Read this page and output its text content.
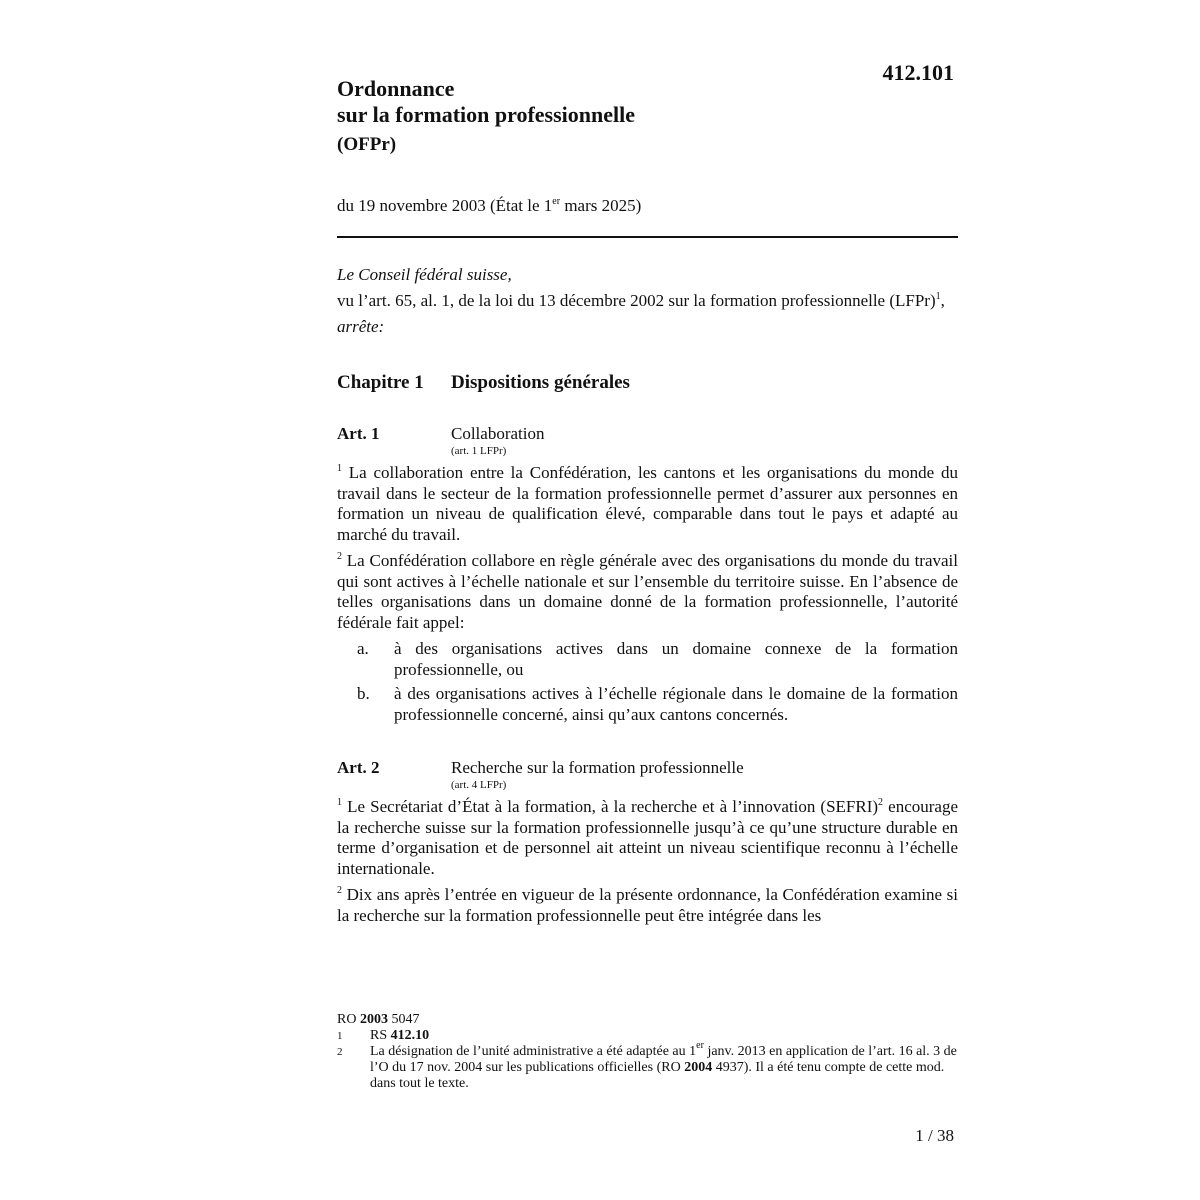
412.101
Ordonnance
sur la formation professionnelle
(OFPr)
du 19 novembre 2003 (État le 1er mars 2025)

Le Conseil fédéral suisse,

vu l’art. 65, al. 1, de la loi du 13 décembre 2002 sur la formation professionnelle (LFPr)$^1$,

arrête:

Chapitre 1	Dispositions générales
Art. 1	Collaboration
(art. 1 LFPr)
$^1$ La collaboration entre la Confédération, les cantons et les organisations du monde du travail dans le secteur de la formation professionnelle permet d’assurer aux personnes en formation un niveau de qualification élevé, comparable dans tout le pays et adapté au marché du travail.
$^2$ La Confédération collabore en règle générale avec des organisations du monde du travail qui sont actives à l’échelle nationale et sur l’ensemble du territoire suisse. En l’absence de telles organisations dans un domaine donné de la formation professionnelle, l’autorité fédérale fait appel:
a.	à des organisations actives dans un domaine connexe de la formation professionnelle, ou
b.	à des organisations actives à l’échelle régionale dans le domaine de la formation professionnelle concerné, ainsi qu’aux cantons concernés.
Art. 2	Recherche sur la formation professionnelle
(art. 4 LFPr)
$^1$ Le Secrétariat d’État à la formation, à la recherche et à l’innovation (SEFRI)$^2$ encourage la recherche suisse sur la formation professionnelle jusqu’à ce qu’une structure durable en terme d’organisation et de personnel ait atteint un niveau scientifique reconnu à l’échelle internationale.
$^2$ Dix ans après l’entrée en vigueur de la présente ordonnance, la Confédération examine si la recherche sur la formation professionnelle peut être intégrée dans les
RO 2003 5047
1	RS 412.10
2	La désignation de l’unité administrative a été adaptée au 1er janv. 2013 en application de l’art. 16 al. 3 de l’O du 17 nov. 2004 sur les publications officielles (RO 2004 4937). Il a été tenu compte de cette mod. dans tout le texte.
1 / 38
